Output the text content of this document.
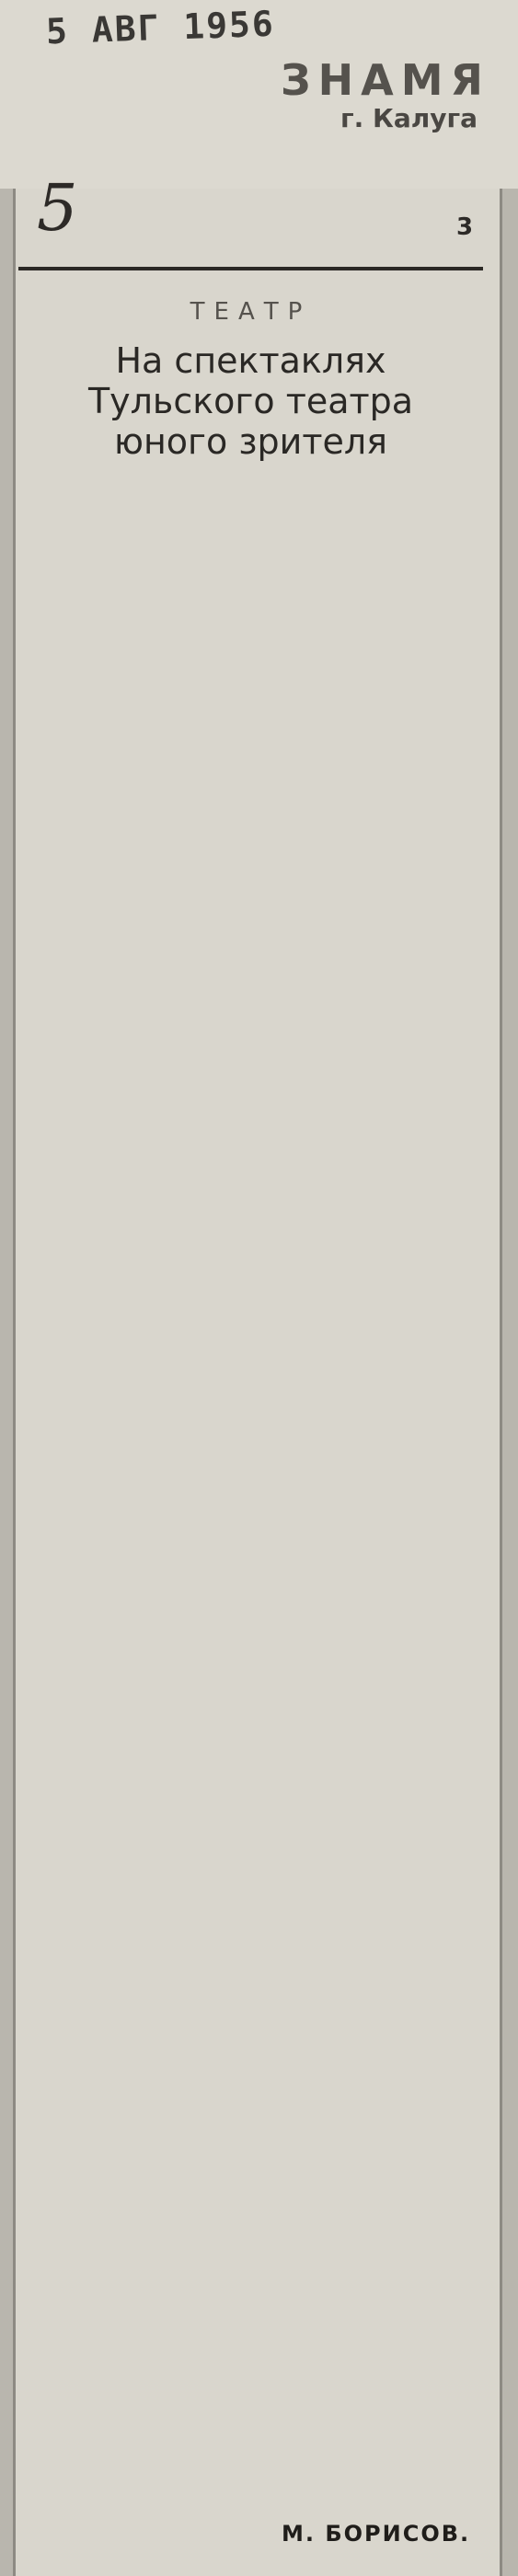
5 АВГ 1956
ЗНАМЯ
г. Калуга
5	3
ТЕАТР
На спектаклях
Тульского театра
юного зрителя

М. БОРИСОВ.
